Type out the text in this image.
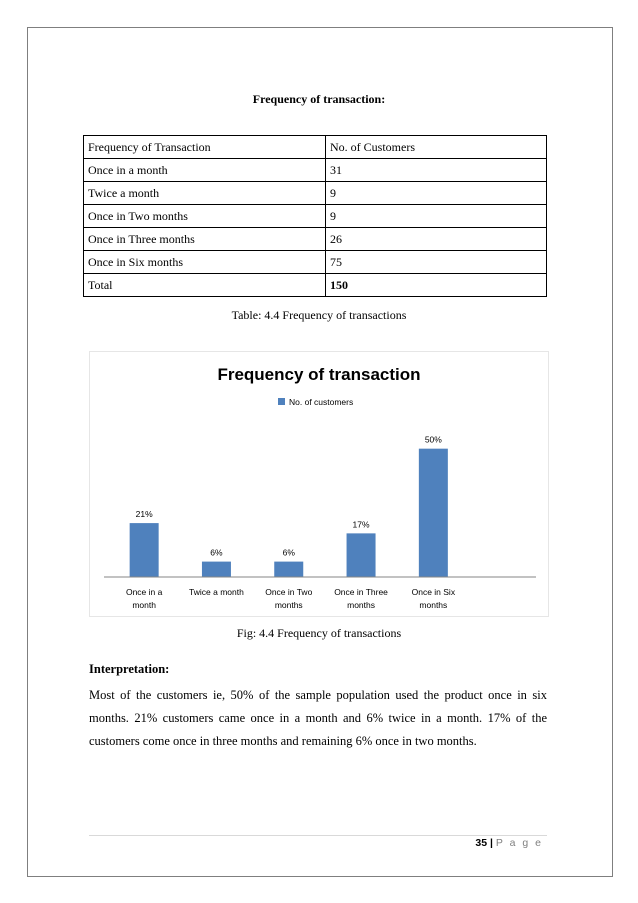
Frequency of transaction:
Frequency of Transaction	No. of Customers
Once in a month	31
Twice a month	9
Once in Two months	9
Once in Three months	26
Once in Six months	75
Total	150
Table: 4.4 Frequency of transactions
Frequency of transaction
No. of customers
21%
Once in a
month
6%
Twice a month
6%
Once in Two
months
17%
Once in Three
months
50%
Once in Six
months
Fig: 4.4 Frequency of transactions
Interpretation:
Most of the customers ie, 50% of the sample population used the product once in six months. 21% customers came once in a month and 6% twice in a month. 17% of the customers come once in three months and remaining 6% once in two months.
35 | P a g e
